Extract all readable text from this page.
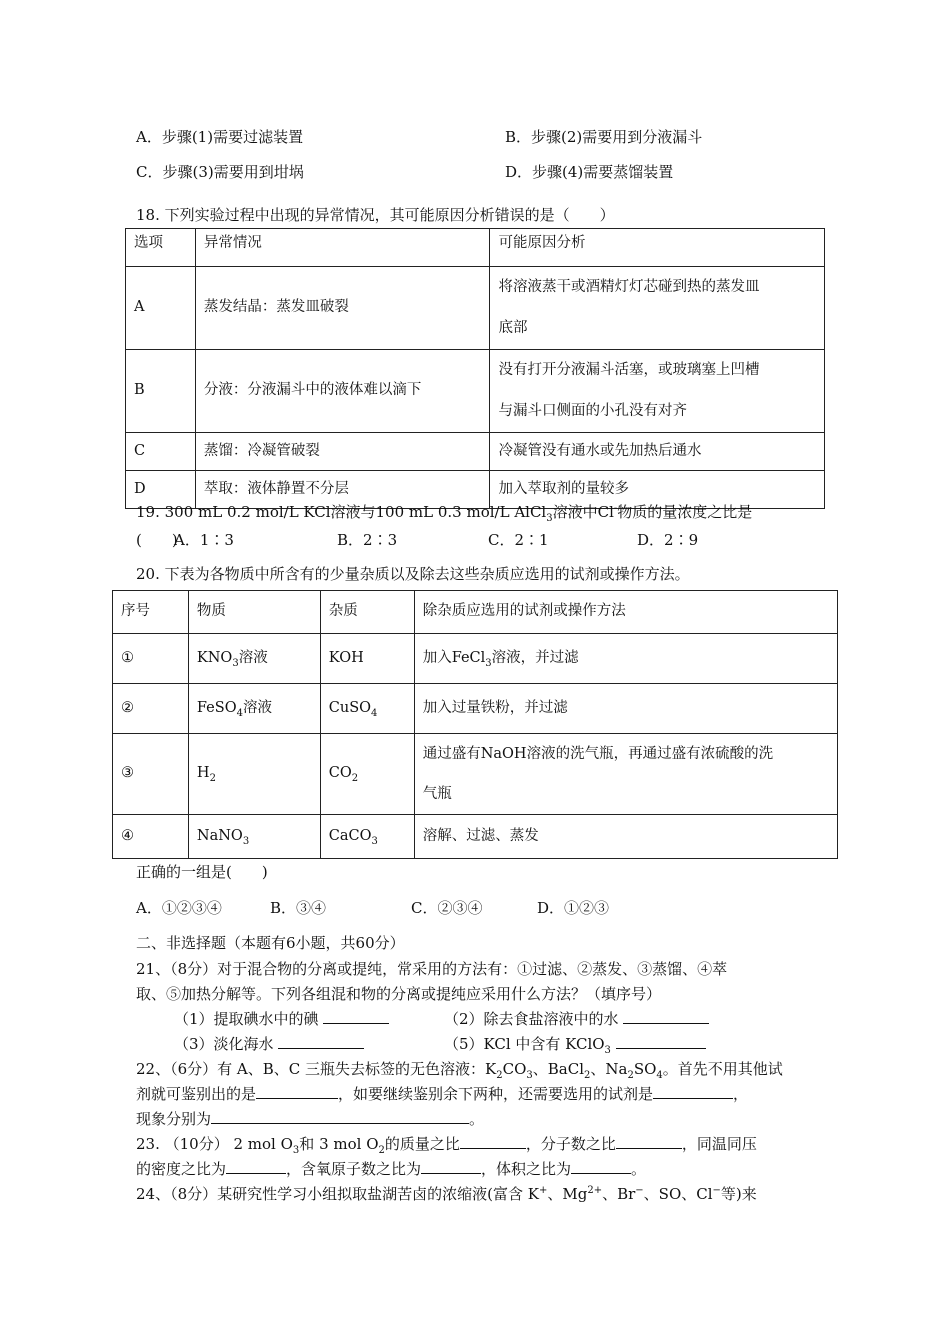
A．步骤(1)需要过滤装置	B．步骤(2)需要用到分液漏斗
C．步骤(3)需要用到坩埚	D．步骤(4)需要蒸馏装置
18. 下列实验过程中出现的异常情况，其可能原因分析错误的是（　　）
选项	异常情况	可能原因分析
A	蒸发结晶：蒸发皿破裂	将溶液蒸干或酒精灯灯芯碰到热的蒸发皿
底部
B	分液：分液漏斗中的液体难以滴下	没有打开分液漏斗活塞，或玻璃塞上凹槽
与漏斗口侧面的小孔没有对齐
C	蒸馏：冷凝管破裂	冷凝管没有通水或先加热后通水
D	萃取：液体静置不分层	加入萃取剂的量较多
19. 300 mL 0.2 mol/L KCl溶液与100 mL 0.3 mol/L AlCl$_3$溶液中Cl-物质的量浓度之比是
(　　)
A．1∶3	B．2∶3	C．2∶1	D．2∶9
20. 下表为各物质中所含有的少量杂质以及除去这些杂质应选用的试剂或操作方法。
序号	物质	杂质	除杂质应选用的试剂或操作方法
①	$KNO_3$溶液	KOH	加入FeCl$_3$溶液，并过滤
②	FeSO$_4$溶液	CuSO$_4$	加入过量铁粉，并过滤
③	$H_2$	$CO_2$	通过盛有NaOH溶液的洗气瓶，再通过盛有浓硫酸的洗
气瓶
④	NaNO$_3$	CaCO$_3$	溶解、过滤、蒸发
正确的一组是(　　)
A．①②③④	B．③④	C．②③④	D．①②③
二、非选择题（本题有6小题，共60分）
21、（8分）对于混合物的分离或提纯，常采用的方法有：①过滤、②蒸发、③蒸馏、④萃
取、⑤加热分解等。下列各组混和物的分离或提纯应采用什么方法？（填序号）
（1）提取碘水中的碘	（2）除去食盐溶液中的水
（3）淡化海水	（5）KCl 中含有 KClO$_3$
22、（6分）有 A、B、C 三瓶失去标签的无色溶液：$K_2CO_3$、BaCl$_2$、$Na_2SO_4$。首先不用其他试
剂就可鉴别出的是	，如要继续鉴别余下两种，还需要选用的试剂是	，
现象分别为	。
23. （10分） 2 mol $O_3$和 3 mol $O_2$的质量之比	，分子数之比	，同温同压
的密度之比为	，含氧原子数之比为	，体积之比为	。
24、（8分）某研究性学习小组拟取盐湖苦卤的浓缩液(富含 K+、$Mg^{2+}$、Br−、SO、Cl−等)来
